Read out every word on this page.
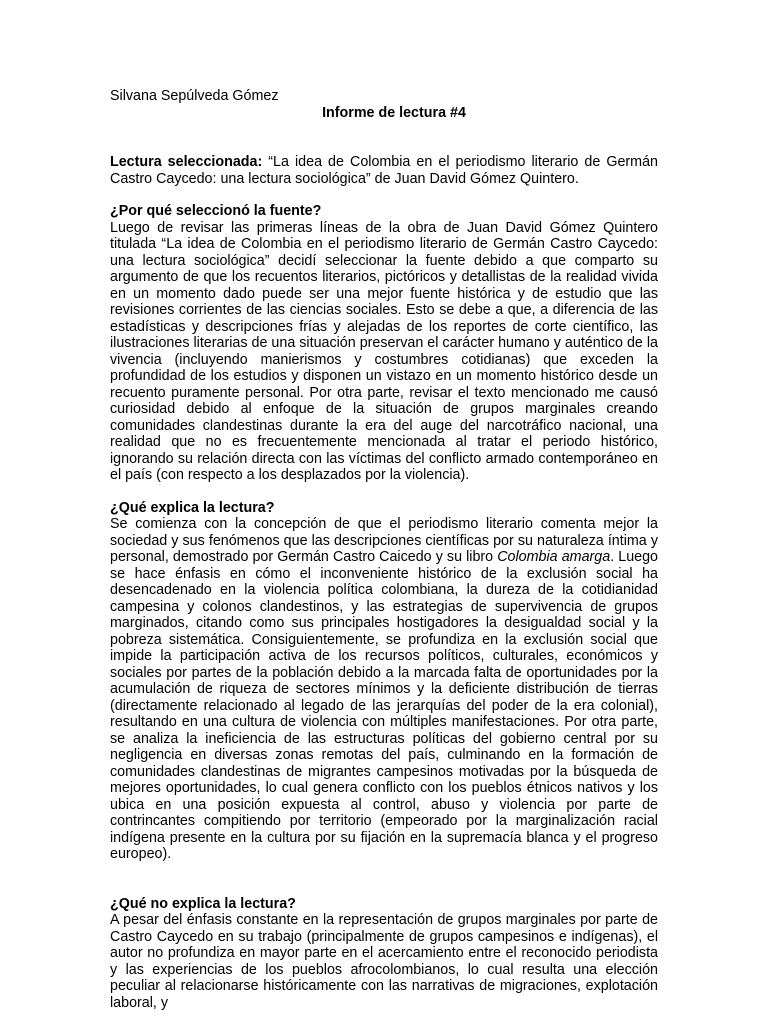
Silvana Sepúlveda Gómez

Informe de lectura #4

Lectura seleccionada: “La idea de Colombia en el periodismo literario de Germán Castro Caycedo: una lectura sociológica” de Juan David Gómez Quintero.

¿Por qué seleccionó la fuente?

Luego de revisar las primeras líneas de la obra de Juan David Gómez Quintero titulada “La idea de Colombia en el periodismo literario de Germán Castro Caycedo: una lectura sociológica” decidí seleccionar la fuente debido a que comparto su argumento de que los recuentos literarios, pictóricos y detallistas de la realidad vivida en un momento dado puede ser una mejor fuente histórica y de estudio que las revisiones corrientes de las ciencias sociales. Esto se debe a que, a diferencia de las estadísticas y descripciones frías y alejadas de los reportes de corte científico, las ilustraciones literarias de una situación preservan el carácter humano y auténtico de la vivencia (incluyendo manierismos y costumbres cotidianas) que exceden la profundidad de los estudios y disponen un vistazo en un momento histórico desde un recuento puramente personal. Por otra parte, revisar el texto mencionado me causó curiosidad debido al enfoque de la situación de grupos marginales creando comunidades clandestinas durante la era del auge del narcotráfico nacional, una realidad que no es frecuentemente mencionada al tratar el periodo histórico, ignorando su relación directa con las víctimas del conflicto armado contemporáneo en el país (con respecto a los desplazados por la violencia).

¿Qué explica la lectura?

Se comienza con la concepción de que el periodismo literario comenta mejor la sociedad y sus fenómenos que las descripciones científicas por su naturaleza íntima y personal, demostrado por Germán Castro Caicedo y su libro Colombia amarga. Luego se hace énfasis en cómo el inconveniente histórico de la exclusión social ha desencadenado en la violencia política colombiana, la dureza de la cotidianidad campesina y colonos clandestinos, y las estrategias de supervivencia de grupos marginados, citando como sus principales hostigadores la desigualdad social y la pobreza sistemática. Consiguientemente, se profundiza en la exclusión social que impide la participación activa de los recursos políticos, culturales, económicos y sociales por partes de la población debido a la marcada falta de oportunidades por la acumulación de riqueza de sectores mínimos y la deficiente distribución de tierras (directamente relacionado al legado de las jerarquías del poder de la era colonial), resultando en una cultura de violencia con múltiples manifestaciones. Por otra parte, se analiza la ineficiencia de las estructuras políticas del gobierno central por su negligencia en diversas zonas remotas del país, culminando en la formación de comunidades clandestinas de migrantes campesinos motivadas por la búsqueda de mejores oportunidades, lo cual genera conflicto con los pueblos étnicos nativos y los ubica en una posición expuesta al control, abuso y violencia por parte de contrincantes compitiendo por territorio (empeorado por la marginalización racial indígena presente en la cultura por su fijación en la supremacía blanca y el progreso europeo).

¿Qué no explica la lectura?

A pesar del énfasis constante en la representación de grupos marginales por parte de Castro Caycedo en su trabajo (principalmente de grupos campesinos e indígenas), el autor no profundiza en mayor parte en el acercamiento entre el reconocido periodista y las experiencias de los pueblos afrocolombianos, lo cual resulta una elección peculiar al relacionarse históricamente con las narrativas de migraciones, explotación laboral, y
